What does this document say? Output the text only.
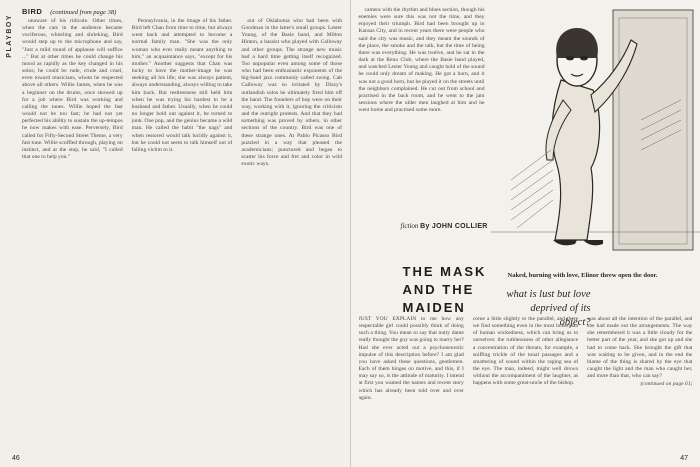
PLAYBOY
BIRD (continued from page 38)

unaware of his ridicule. Other times, when the cats in the audience became vociferous, whistling and shrieking, Bird would step up to the microphone and say, "Just a mild round of applause will suffice ..." But at other times he could change his mood as rapidly as the key changed in his solos; he could be rude, crude and cruel, even toward musicians, whom he respected above all others. Willie James, when he was a beginner on the drums, once showed up for a job where Bird was working and calling the tunes. Willie hoped the fast would not be too fast; he had not yet perfected his ability to sustain the up-tempos he now makes with ease. Perversely, Bird called for Fifty-Second Street Theme, a very fast tune. Willie scuffled through, playing on instinct, and at the stop, he said, "I called that one to help you."

Pennsylvania, in the image of his father. Bird left Chan from time to time, but always went back and attempted to become a normal family man. "She was the only woman who ever really meant anything to him," an acquaintance says, "except for his mother." Another suggests that Chan was lucky to have the mother-image he was seeking all his life; she was always patient, always understanding, always willing to take him back. But restlessness still held him when he was trying his hardest to be a husband and father. Usually, when he could no longer hold out against it, he turned to junk. One pop, and the genius became a wild man. He called the habit "the nags" and when restored would talk lucidly against it, but he could not seem to talk himself out of falling victim to it.

out of Oklahoma who had been with Goodman in the latter's small groups. Lester Young, of the Basie band, and Milton Hinton, a bassist who played with Calloway and other groups. The strange new music had a hard time getting itself recognized. Too unpopular even among some of those who had been enthusiastic exponents of the big-band jazz commonly called swing. Cab Calloway was so irritated by Dizzy's outlandish solos he ultimately fired him off the band. The founders of bop were on their way, working with it, ignoring the criticism and the outright protests. And that they had something was proved by others, in other sections of the country. Bird was one of these strange ones. At Pablo Picasso Bird puzzled in a way that pleased the academicians; punctured and began to scatter his force and fret and color in wild exotic ways.

46

camera with the rhythm and blues section, though his enemies were sure this was not the time, and they enjoyed their triumph. Bird had been brought up in Kansas City, and in recent years there were people who said the city was music, and they meant the sounds of the place, the smoke and the talk, but the time of being there was everything. He was twelve, and he sat in the dark at the Reno Club, where the Basie band played, and watched Lester Young and caught hold of the sound he could only dream of making. He got a horn, and it was not a good horn, but he played it on the streets until the neighbors complained. He cut out from school and practised in the back room, and he went to the jam sessions where the older men laughed at him and he went home and practised some more.

fiction By JOHN COLLIER
THE MASK AND THE MAIDEN
Naked, burning with love, Elinor threw open the door.
what is lust but love deprived of its object?

JUST YOU EXPLAIN to me how any respectable girl could possibly think of doing such a thing. You mean to say that nutty dame really thought the guy was going to marry her? Had she ever acted out a psychoneurotic impulse of this description before? I am glad you have asked these questions, gentlemen. Each of them hinges on motive, and this, if I may say so, is the attitude of maturity. I intend at first you wanted the names and recent story which has already been told over and over again.

come a little slightly to the parallel, and there we find something even in the most bohemian of human wickedness, which can bring us to ourselves: the ruthlessness of other allegiance a concentration of the threats, for example, a sniffing trickle of the tonal passages and a smattering of sound within the raging sea of the eye. The man, indeed, might well drown without the accompaniment of the laughter, as happens with some great-uncle of the bishop.

was about all the intention of the parallel, and she had made out the arrangements. The way she remembered it was a little cloudy for the better part of the year, and she got up and she had to come back. She brought the gift that was waiting to be given, and in the end the blame of the thing is shared by the eye that caught the light and the man who caught her, and more than that, who can say?

(continued on page 61)
47
